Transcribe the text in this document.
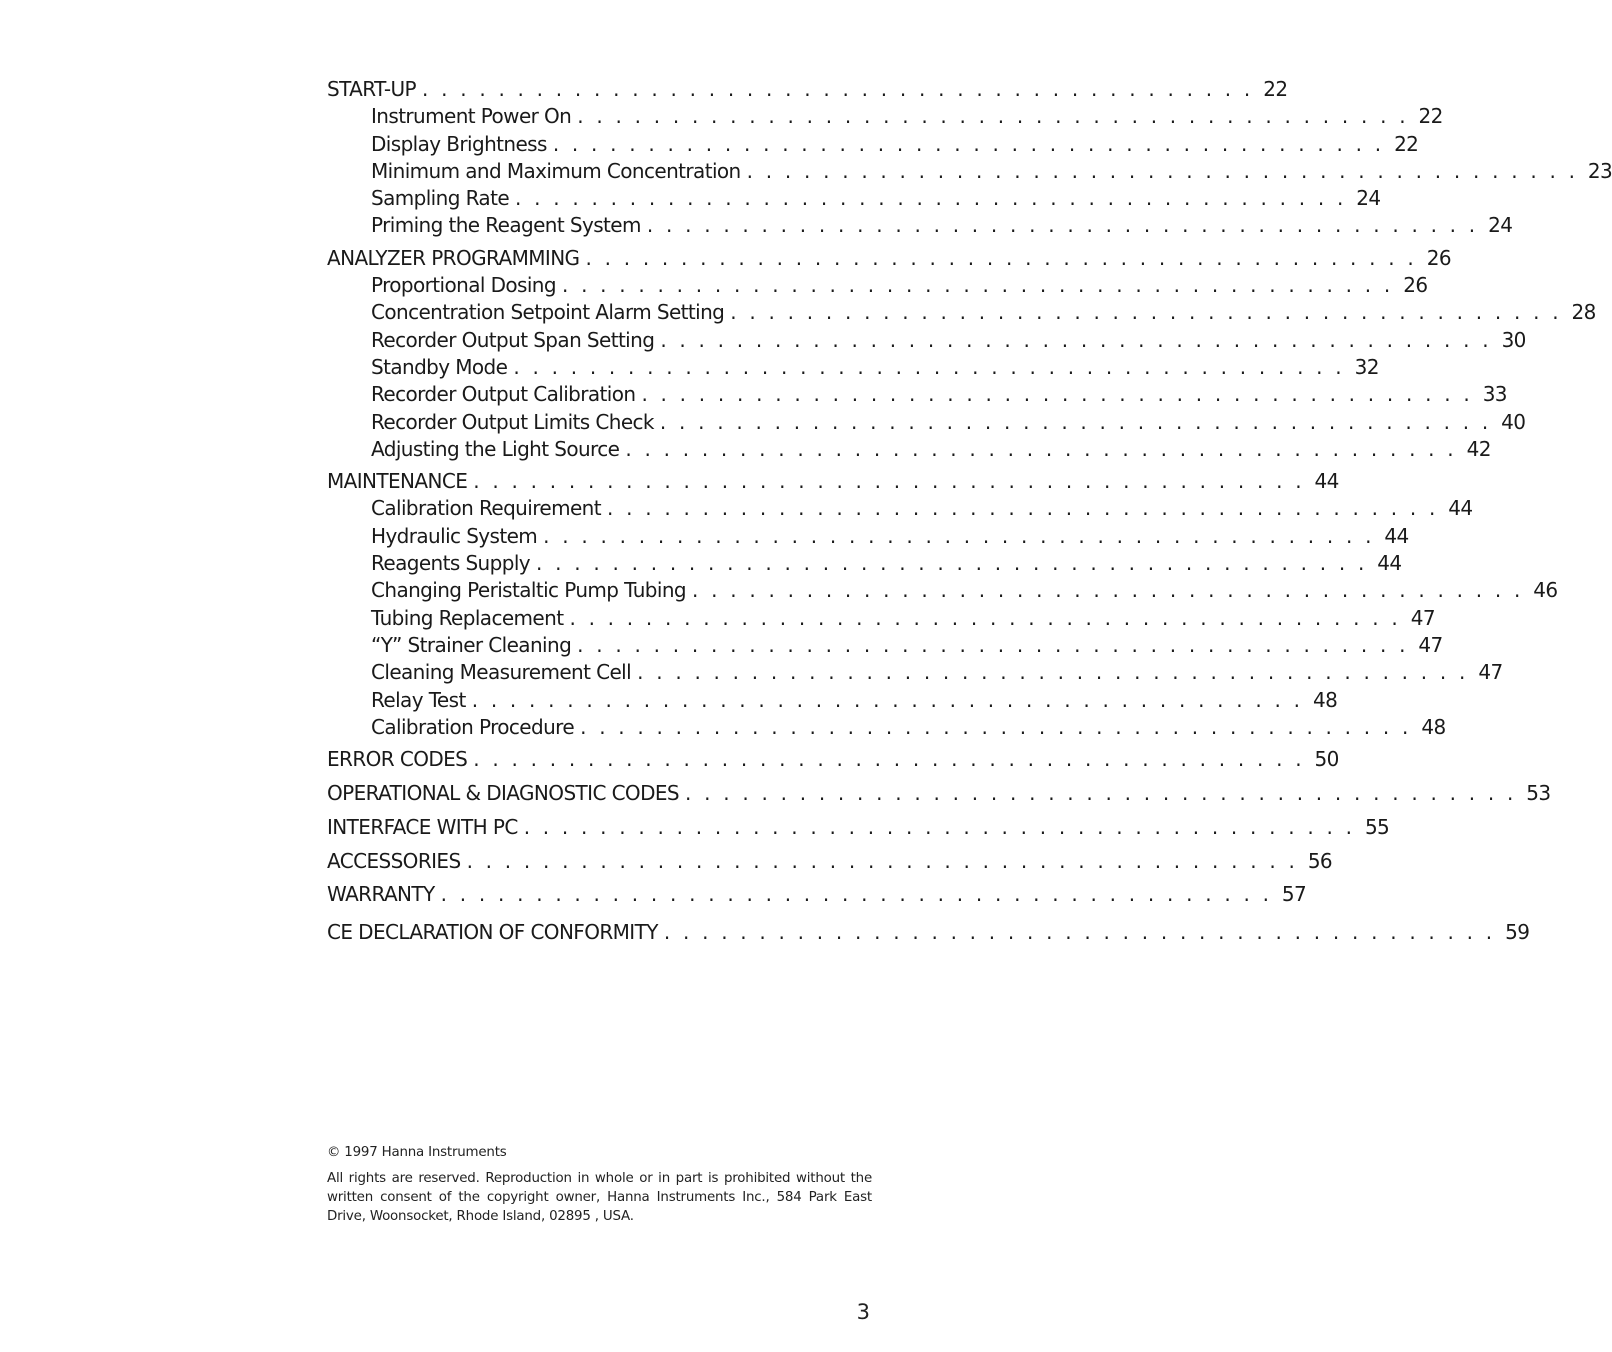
START-UP . . . . . . . . . . . . . . . . . . . . . . . . . . . . . . . . . . . . . . . . . . . . 22
Instrument Power On . . . . . . . . . . . . . . . . . . . . . . . . . . . . . . . . . . . . . . . . . . . . 22
Display Brightness . . . . . . . . . . . . . . . . . . . . . . . . . . . . . . . . . . . . . . . . . . . . 22
Minimum and Maximum Concentration . . . . . . . . . . . . . . . . . . . . . . . . . . . . . . . . . . . . . . . . . . . . 23
Sampling Rate . . . . . . . . . . . . . . . . . . . . . . . . . . . . . . . . . . . . . . . . . . . . 24
Priming the Reagent System . . . . . . . . . . . . . . . . . . . . . . . . . . . . . . . . . . . . . . . . . . . . 24
ANALYZER PROGRAMMING . . . . . . . . . . . . . . . . . . . . . . . . . . . . . . . . . . . . . . . . . . . . 26
Proportional Dosing . . . . . . . . . . . . . . . . . . . . . . . . . . . . . . . . . . . . . . . . . . . . 26
Concentration Setpoint Alarm Setting . . . . . . . . . . . . . . . . . . . . . . . . . . . . . . . . . . . . . . . . . . . . 28
Recorder Output Span Setting . . . . . . . . . . . . . . . . . . . . . . . . . . . . . . . . . . . . . . . . . . . . 30
Standby Mode . . . . . . . . . . . . . . . . . . . . . . . . . . . . . . . . . . . . . . . . . . . . 32
Recorder Output Calibration . . . . . . . . . . . . . . . . . . . . . . . . . . . . . . . . . . . . . . . . . . . . 33
Recorder Output Limits Check . . . . . . . . . . . . . . . . . . . . . . . . . . . . . . . . . . . . . . . . . . . . 40
Adjusting the Light Source . . . . . . . . . . . . . . . . . . . . . . . . . . . . . . . . . . . . . . . . . . . . 42
MAINTENANCE . . . . . . . . . . . . . . . . . . . . . . . . . . . . . . . . . . . . . . . . . . . . 44
Calibration Requirement . . . . . . . . . . . . . . . . . . . . . . . . . . . . . . . . . . . . . . . . . . . . 44
Hydraulic System . . . . . . . . . . . . . . . . . . . . . . . . . . . . . . . . . . . . . . . . . . . . 44
Reagents Supply . . . . . . . . . . . . . . . . . . . . . . . . . . . . . . . . . . . . . . . . . . . . 44
Changing Peristaltic Pump Tubing . . . . . . . . . . . . . . . . . . . . . . . . . . . . . . . . . . . . . . . . . . . . 46
Tubing Replacement . . . . . . . . . . . . . . . . . . . . . . . . . . . . . . . . . . . . . . . . . . . . 47
“Y” Strainer Cleaning . . . . . . . . . . . . . . . . . . . . . . . . . . . . . . . . . . . . . . . . . . . . 47
Cleaning Measurement Cell . . . . . . . . . . . . . . . . . . . . . . . . . . . . . . . . . . . . . . . . . . . . 47
Relay Test . . . . . . . . . . . . . . . . . . . . . . . . . . . . . . . . . . . . . . . . . . . . 48
Calibration Procedure . . . . . . . . . . . . . . . . . . . . . . . . . . . . . . . . . . . . . . . . . . . . 48
ERROR CODES . . . . . . . . . . . . . . . . . . . . . . . . . . . . . . . . . . . . . . . . . . . . 50
OPERATIONAL & DIAGNOSTIC CODES . . . . . . . . . . . . . . . . . . . . . . . . . . . . . . . . . . . . . . . . . . . . 53
INTERFACE WITH PC . . . . . . . . . . . . . . . . . . . . . . . . . . . . . . . . . . . . . . . . . . . . 55
ACCESSORIES . . . . . . . . . . . . . . . . . . . . . . . . . . . . . . . . . . . . . . . . . . . . 56
WARRANTY . . . . . . . . . . . . . . . . . . . . . . . . . . . . . . . . . . . . . . . . . . . . 57
CE DECLARATION OF CONFORMITY . . . . . . . . . . . . . . . . . . . . . . . . . . . . . . . . . . . . . . . . . . . . 59
© 1997 Hanna Instruments
All rights are reserved. Reproduction in whole or in part is prohibited without the written consent of the copyright owner, Hanna Instruments Inc., 584 Park East Drive, Woonsocket, Rhode Island, 02895 , USA.
3
